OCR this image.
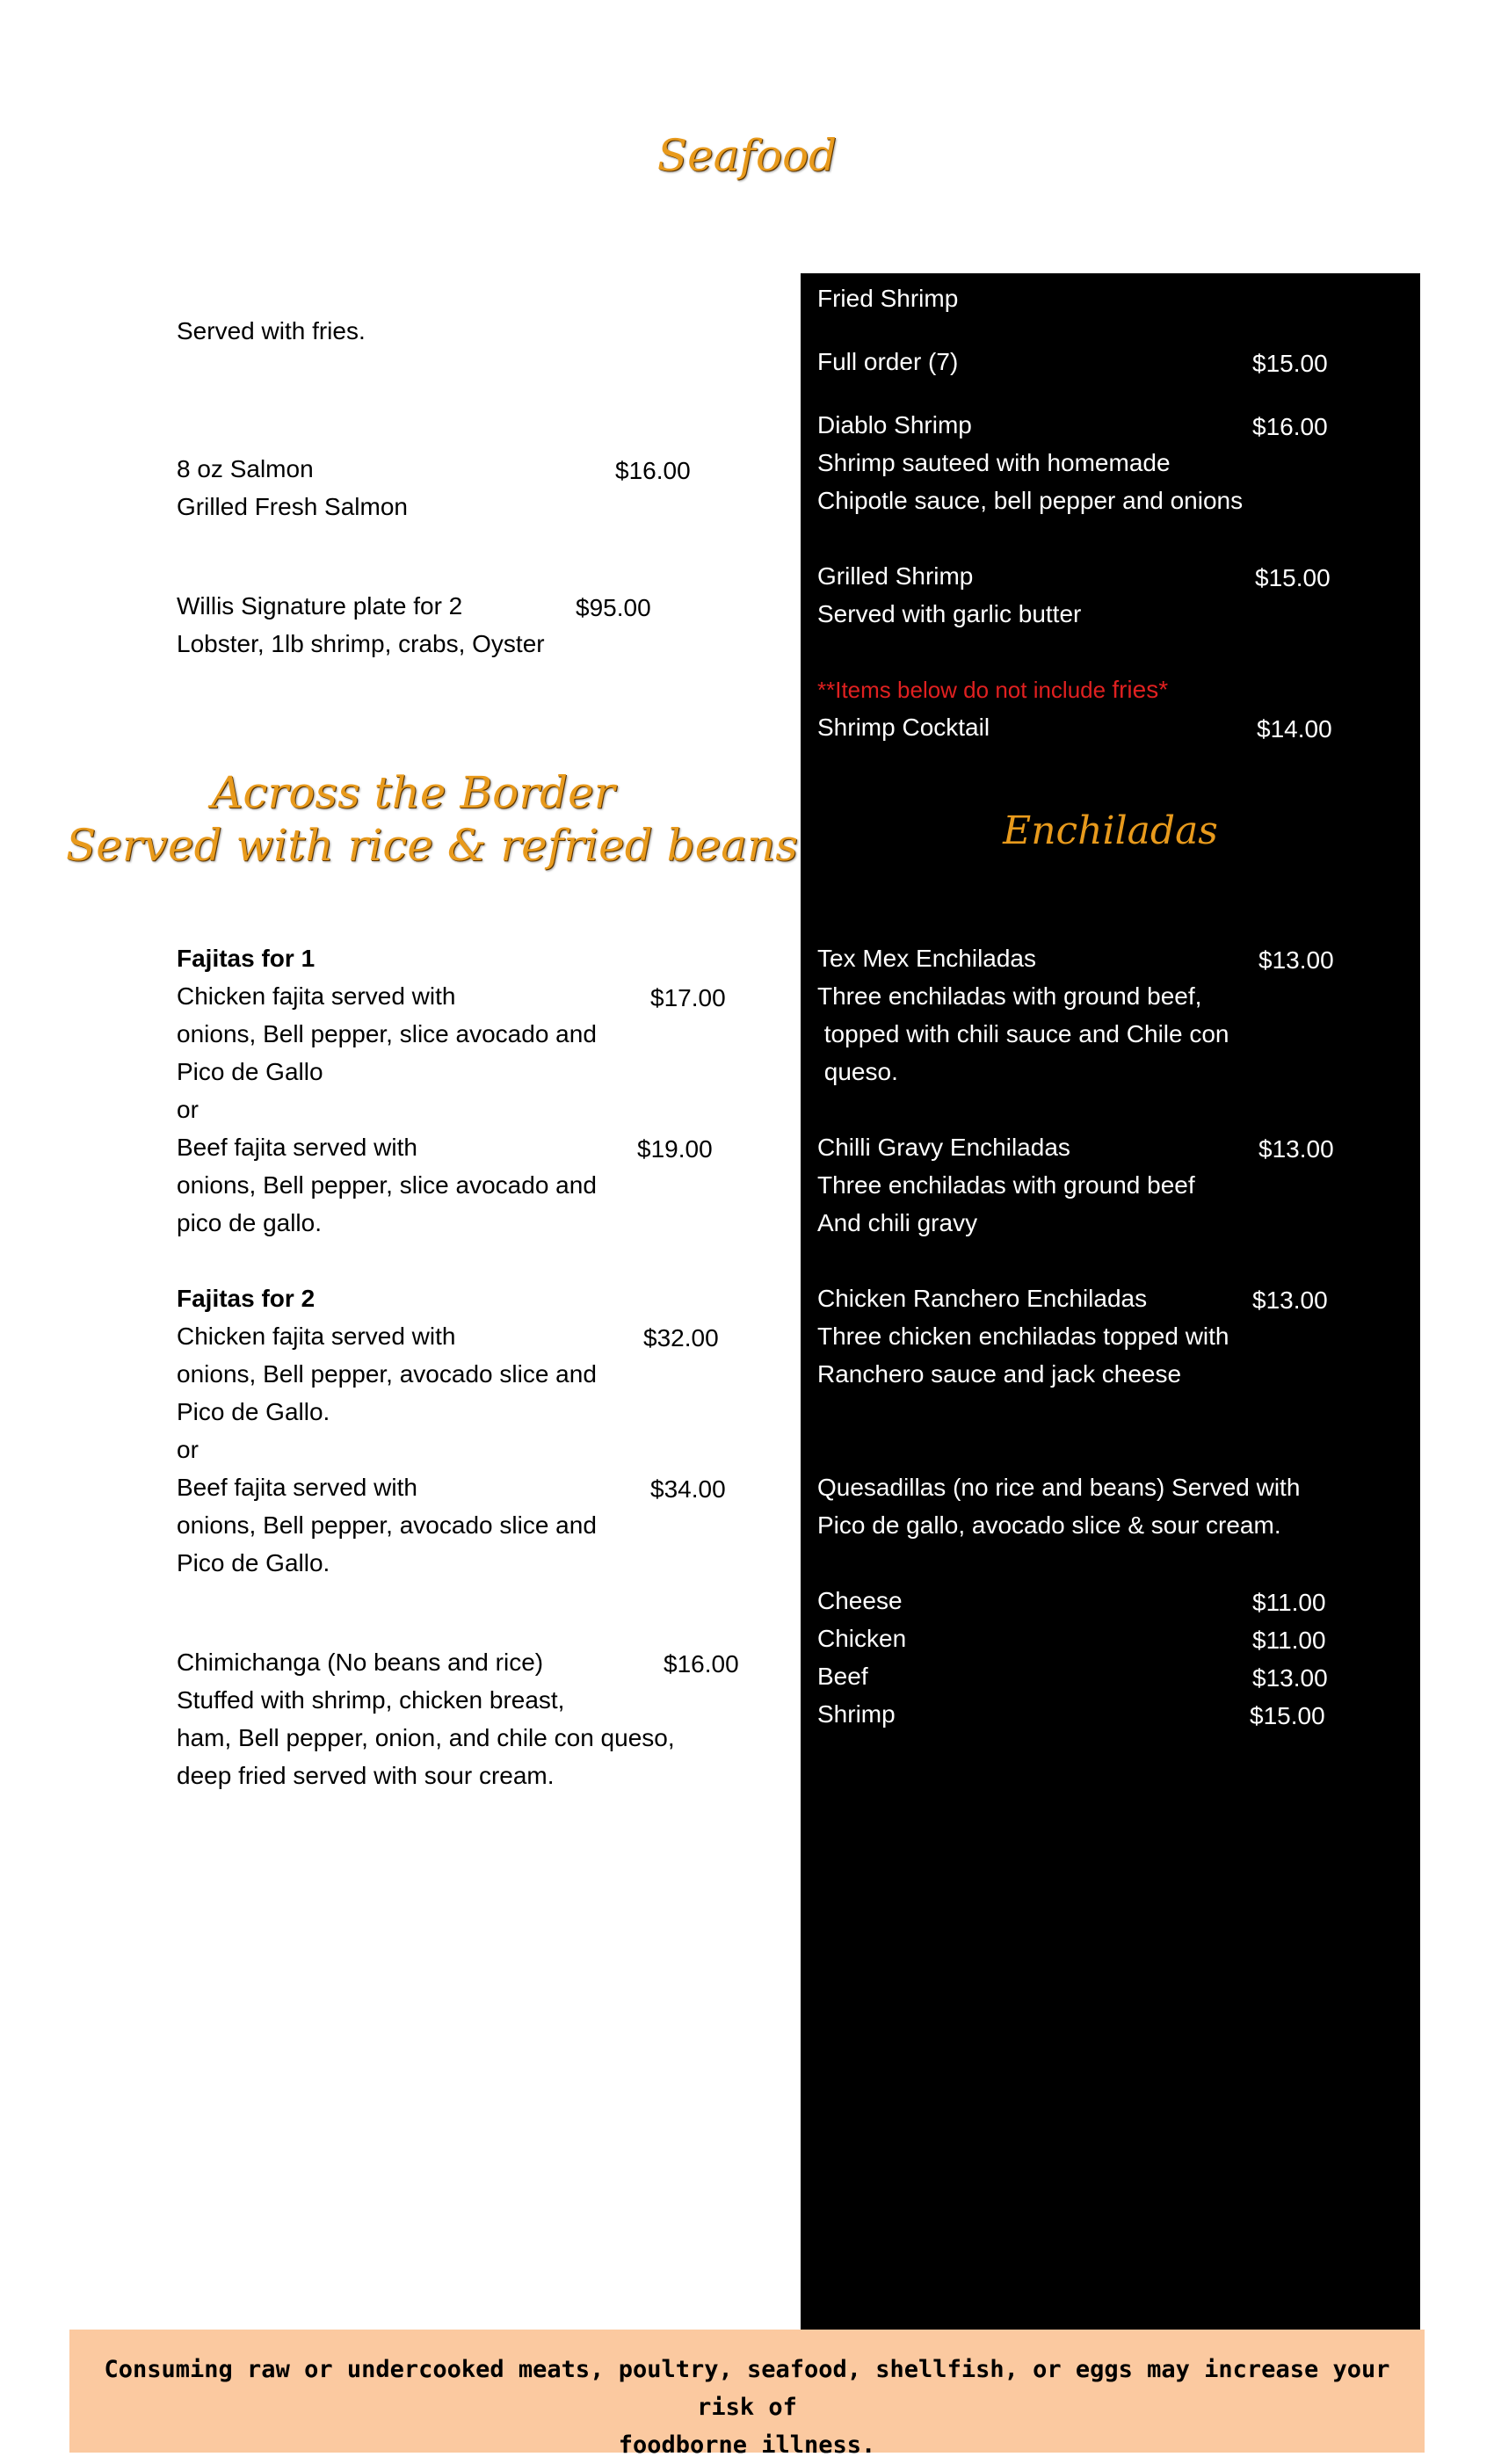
Seafood
Across the Border
Served with rice & refried beans
Served with fries.
8 oz Salmon	$16.00
Grilled Fresh Salmon
Willis Signature plate for 2	$95.00
Lobster, 1lb shrimp, crabs, Oyster
Fajitas for 1
Chicken fajita served with	$17.00
onions, Bell pepper, slice avocado and
Pico de Gallo
or
Beef fajita served with	$19.00
onions, Bell pepper, slice avocado and
pico de gallo.
Fajitas for 2
Chicken fajita served with	$32.00
onions, Bell pepper, avocado slice and
Pico de Gallo.
or
Beef fajita served with	$34.00
onions, Bell pepper, avocado slice and
Pico de Gallo.
Chimichanga (No beans and rice)	$16.00
Stuffed with shrimp, chicken breast,
ham, Bell pepper, onion, and chile con queso,
deep fried served with sour cream.
Fried Shrimp
Full order (7)	$15.00
Diablo Shrimp	$16.00
Shrimp sauteed with homemade
Chipotle sauce, bell pepper and onions
Grilled Shrimp	$15.00
Served with garlic butter
**Items below do not include fries*
Shrimp Cocktail	$14.00
Enchiladas
Tex Mex Enchiladas	$13.00
Three enchiladas with ground beef,
topped with chili sauce and Chile con
queso.
Chilli Gravy Enchiladas	$13.00
Three enchiladas with ground beef
And chili gravy
Chicken Ranchero Enchiladas	$13.00
Three chicken enchiladas topped with
Ranchero sauce and jack cheese
Quesadillas (no rice and beans) Served with
Pico de gallo, avocado slice & sour cream.
Cheese	$11.00
Chicken	$11.00
Beef	$13.00
Shrimp	$15.00
Consuming raw or undercooked meats, poultry, seafood, shellfish, or eggs may increase your risk of
foodborne illness.
